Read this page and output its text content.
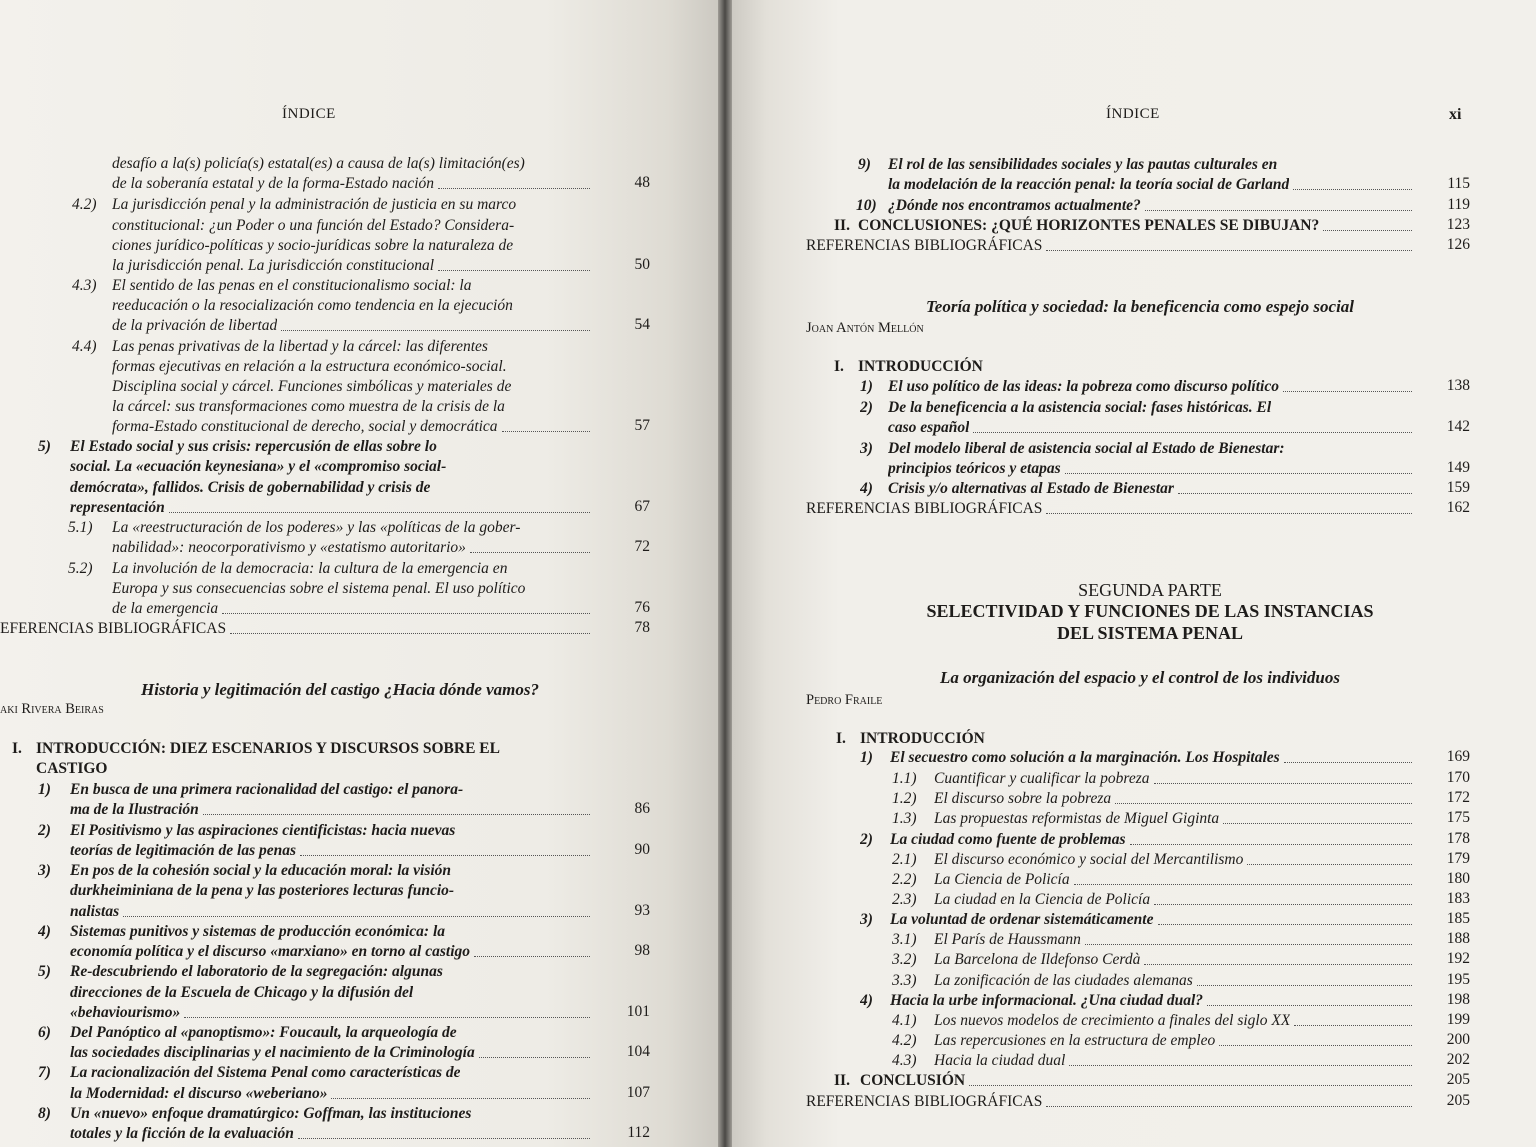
ÍNDICE
desafío a la(s) policía(s) estatal(es) a causa de la(s) limitación(es)
de la soberanía estatal y de la forma-Estado nación	48
4.2) La jurisdicción penal y la administración de justicia en su marco
constitucional: ¿un Poder o una función del Estado? Considera-
ciones jurídico-políticas y socio-jurídicas sobre la naturaleza de
la jurisdicción penal. La jurisdicción constitucional	50
4.3) El sentido de las penas en el constitucionalismo social: la
reeducación o la resocialización como tendencia en la ejecución
de la privación de libertad	54
4.4) Las penas privativas de la libertad y la cárcel: las diferentes
formas ejecutivas en relación a la estructura económico-social.
Disciplina social y cárcel. Funciones simbólicas y materiales de
la cárcel: sus transformaciones como muestra de la crisis de la
forma-Estado constitucional de derecho, social y democrática	57
5) El Estado social y sus crisis: repercusión de ellas sobre lo
social. La «ecuación keynesiana» y el «compromiso social-
demócrata», fallidos. Crisis de gobernabilidad y crisis de
representación	67
5.1) La «reestructuración de los poderes» y las «políticas de la gober-
nabilidad»: neocorporativismo y «estatismo autoritario»	72
5.2) La involución de la democracia: la cultura de la emergencia en
Europa y sus consecuencias sobre el sistema penal. El uso político
de la emergencia	76
EFERENCIAS BIBLIOGRÁFICAS	78
Historia y legitimación del castigo ¿Hacia dónde vamos?
aki Rivera Beiras
I. INTRODUCCIÓN: DIEZ ESCENARIOS Y DISCURSOS SOBRE EL
CASTIGO
1) En busca de una primera racionalidad del castigo: el panora-
ma de la Ilustración	86
2) El Positivismo y las aspiraciones cientificistas: hacia nuevas
teorías de legitimación de las penas	90
3) En pos de la cohesión social y la educación moral: la visión
durkheiminiana de la pena y las posteriores lecturas funcio-
nalistas	93
4) Sistemas punitivos y sistemas de producción económica: la
economía política y el discurso «marxiano» en torno al castigo	98
5) Re-descubriendo el laboratorio de la segregación: algunas
direcciones de la Escuela de Chicago y la difusión del
«behaviourismo»	101
6) Del Panóptico al «panoptismo»: Foucault, la arqueología de
las sociedades disciplinarias y el nacimiento de la Criminología	104
7) La racionalización del Sistema Penal como características de
la Modernidad: el discurso «weberiano»	107
8) Un «nuevo» enfoque dramatúrgico: Goffman, las instituciones
totales y la ficción de la evaluación	112
ÍNDICE	xi
9) El rol de las sensibilidades sociales y las pautas culturales en
la modelación de la reacción penal: la teoría social de Garland	115
10) ¿Dónde nos encontramos actualmente?	119
II. CONCLUSIONES: ¿QUÉ HORIZONTES PENALES SE DIBUJAN?	123
REFERENCIAS BIBLIOGRÁFICAS	126
Teoría política y sociedad: la beneficencia como espejo social
Joan Antón Mellón
I. INTRODUCCIÓN
1) El uso político de las ideas: la pobreza como discurso político	138
2) De la beneficencia a la asistencia social: fases históricas. El
caso español	142
3) Del modelo liberal de asistencia social al Estado de Bienestar:
principios teóricos y etapas	149
4) Crisis y/o alternativas al Estado de Bienestar	159
REFERENCIAS BIBLIOGRÁFICAS	162
SEGUNDA PARTE
SELECTIVIDAD Y FUNCIONES DE LAS INSTANCIAS
DEL SISTEMA PENAL
La organización del espacio y el control de los individuos
Pedro Fraile
I. INTRODUCCIÓN
1) El secuestro como solución a la marginación. Los Hospitales	169
1.1) Cuantificar y cualificar la pobreza	170
1.2) El discurso sobre la pobreza	172
1.3) Las propuestas reformistas de Miguel Giginta	175
2) La ciudad como fuente de problemas	178
2.1) El discurso económico y social del Mercantilismo	179
2.2) La Ciencia de Policía	180
2.3) La ciudad en la Ciencia de Policía	183
3) La voluntad de ordenar sistemáticamente	185
3.1) El París de Haussmann	188
3.2) La Barcelona de Ildefonso Cerdà	192
3.3) La zonificación de las ciudades alemanas	195
4) Hacia la urbe informacional. ¿Una ciudad dual?	198
4.1) Los nuevos modelos de crecimiento a finales del siglo XX	199
4.2) Las repercusiones en la estructura de empleo	200
4.3) Hacia la ciudad dual	202
II. CONCLUSIÓN	205
REFERENCIAS BIBLIOGRÁFICAS	205
